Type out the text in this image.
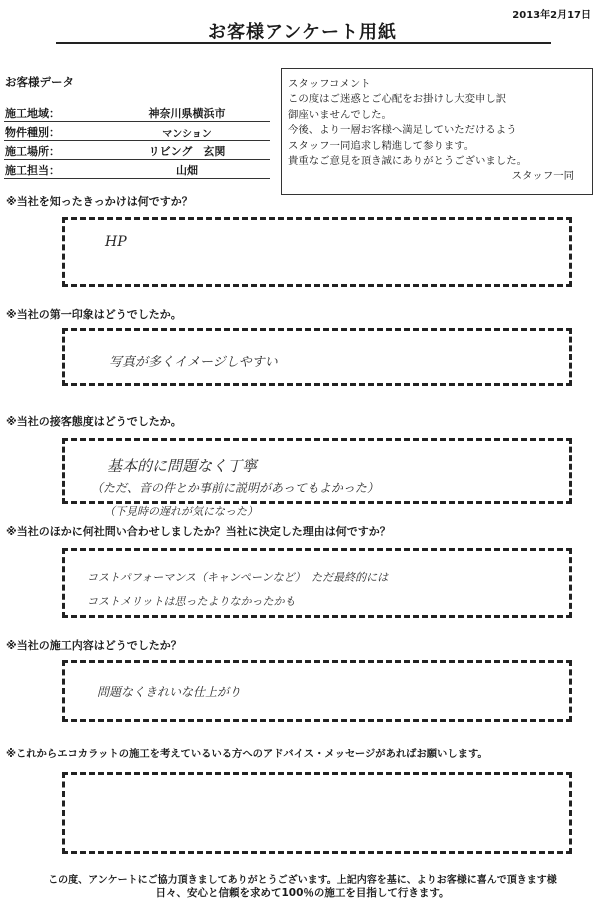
2013年2月17日
お客様アンケート用紙
お客様データ
施工地域：	神奈川県横浜市
物件種別：	マンション
施工場所：	リビング　玄関
施工担当：	山畑
スタッフコメント
この度はご迷惑とご心配をお掛けし大変申し訳
御座いませんでした。
今後、より一層お客様へ満足していただけるよう
スタッフ一同追求し精進して参ります。
貴重なご意見を頂き誠にありがとうございました。
スタッフ一同
※当社を知ったきっかけは何ですか？
HP
※当社の第一印象はどうでしたか。
写真が多くイメージしやすい
※当社の接客態度はどうでしたか。
基本的に問題なく丁寧
（ただ、音の件とか事前に説明があってもよかった）
（下見時の遅れが気になった）
※当社のほかに何社問い合わせしましたか？当社に決定した理由は何ですか？
コストパフォーマンス（キャンペーンなど）　ただ最終的には
コストメリットは思ったよりなかったかも
※当社の施工内容はどうでしたか？
問題なくきれいな仕上がり
※これからエコカラットの施工を考えているいる方へのアドバイス・メッセージがあればお願いします。
この度、アンケートにご協力頂きましてありがとうございます。上記内容を基に、よりお客様に喜んで頂きます様
日々、安心と信頼を求めて100％の施工を目指して行きます。
